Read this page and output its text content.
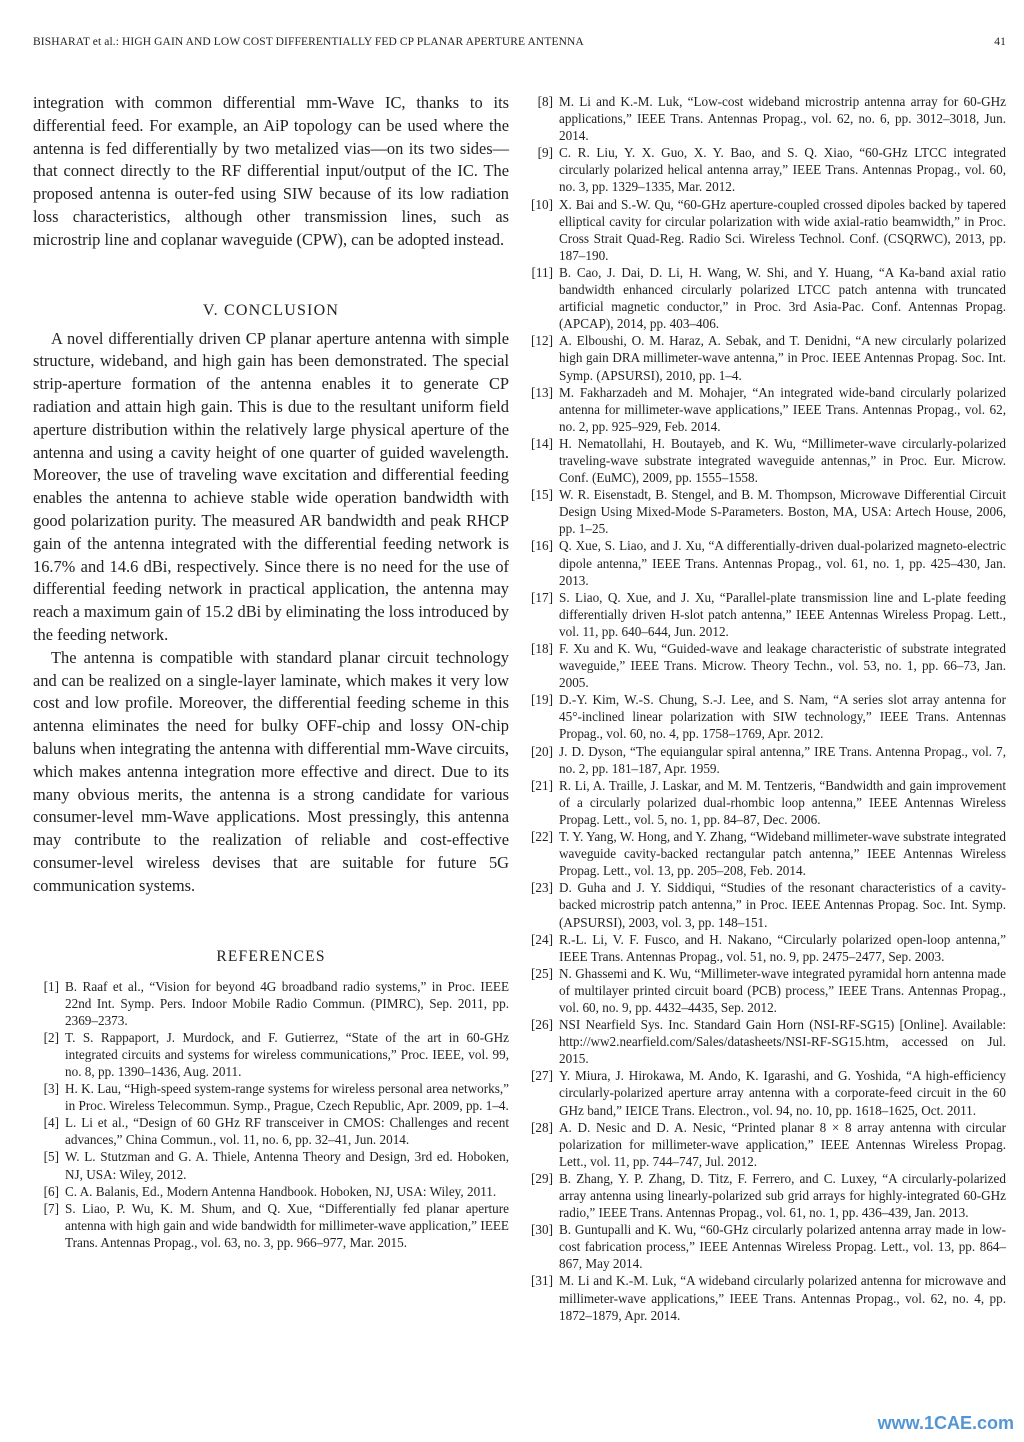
BISHARAT et al.: HIGH GAIN AND LOW COST DIFFERENTIALLY FED CP PLANAR APERTURE ANTENNA	41

integration with common differential mm-Wave IC, thanks to its differential feed. For example, an AiP topology can be used where the antenna is fed differentially by two metalized vias—on its two sides—that connect directly to the RF differential input/output of the IC. The proposed antenna is outer-fed using SIW because of its low radiation loss characteristics, although other transmission lines, such as microstrip line and coplanar waveguide (CPW), can be adopted instead.

V. CONCLUSION

A novel differentially driven CP planar aperture antenna with simple structure, wideband, and high gain has been demonstrated. The special strip-aperture formation of the antenna enables it to generate CP radiation and attain high gain. This is due to the resultant uniform field aperture distribution within the relatively large physical aperture of the antenna and using a cavity height of one quarter of guided wavelength. Moreover, the use of traveling wave excitation and differential feeding enables the antenna to achieve stable wide operation bandwidth with good polarization purity. The measured AR bandwidth and peak RHCP gain of the antenna integrated with the differential feeding network is 16.7% and 14.6 dBi, respectively. Since there is no need for the use of differential feeding network in practical application, the antenna may reach a maximum gain of 15.2 dBi by eliminating the loss introduced by the feeding network.

The antenna is compatible with standard planar circuit technology and can be realized on a single-layer laminate, which makes it very low cost and low profile. Moreover, the differential feeding scheme in this antenna eliminates the need for bulky OFF-chip and lossy ON-chip baluns when integrating the antenna with differential mm-Wave circuits, which makes antenna integration more effective and direct. Due to its many obvious merits, the antenna is a strong candidate for various consumer-level mm-Wave applications. Most pressingly, this antenna may contribute to the realization of reliable and cost-effective consumer-level wireless devises that are suitable for future 5G communication systems.

REFERENCES
[1] B. Raaf et al., “Vision for beyond 4G broadband radio systems,” in Proc. IEEE 22nd Int. Symp. Pers. Indoor Mobile Radio Commun. (PIMRC), Sep. 2011, pp. 2369–2373.
[2] T. S. Rappaport, J. Murdock, and F. Gutierrez, “State of the art in 60-GHz integrated circuits and systems for wireless communications,” Proc. IEEE, vol. 99, no. 8, pp. 1390–1436, Aug. 2011.
[3] H. K. Lau, “High-speed system-range systems for wireless personal area networks,” in Proc. Wireless Telecommun. Symp., Prague, Czech Republic, Apr. 2009, pp. 1–4.
[4] L. Li et al., “Design of 60 GHz RF transceiver in CMOS: Challenges and recent advances,” China Commun., vol. 11, no. 6, pp. 32–41, Jun. 2014.
[5] W. L. Stutzman and G. A. Thiele, Antenna Theory and Design, 3rd ed. Hoboken, NJ, USA: Wiley, 2012.
[6] C. A. Balanis, Ed., Modern Antenna Handbook. Hoboken, NJ, USA: Wiley, 2011.
[7] S. Liao, P. Wu, K. M. Shum, and Q. Xue, “Differentially fed planar aperture antenna with high gain and wide bandwidth for millimeter-wave application,” IEEE Trans. Antennas Propag., vol. 63, no. 3, pp. 966–977, Mar. 2015.
[8] M. Li and K.-M. Luk, “Low-cost wideband microstrip antenna array for 60-GHz applications,” IEEE Trans. Antennas Propag., vol. 62, no. 6, pp. 3012–3018, Jun. 2014.
[9] C. R. Liu, Y. X. Guo, X. Y. Bao, and S. Q. Xiao, “60-GHz LTCC integrated circularly polarized helical antenna array,” IEEE Trans. Antennas Propag., vol. 60, no. 3, pp. 1329–1335, Mar. 2012.
[10] X. Bai and S.-W. Qu, “60-GHz aperture-coupled crossed dipoles backed by tapered elliptical cavity for circular polarization with wide axial-ratio beamwidth,” in Proc. Cross Strait Quad-Reg. Radio Sci. Wireless Technol. Conf. (CSQRWC), 2013, pp. 187–190.
[11] B. Cao, J. Dai, D. Li, H. Wang, W. Shi, and Y. Huang, “A Ka-band axial ratio bandwidth enhanced circularly polarized LTCC patch antenna with truncated artificial magnetic conductor,” in Proc. 3rd Asia-Pac. Conf. Antennas Propag. (APCAP), 2014, pp. 403–406.
[12] A. Elboushi, O. M. Haraz, A. Sebak, and T. Denidni, “A new circularly polarized high gain DRA millimeter-wave antenna,” in Proc. IEEE Antennas Propag. Soc. Int. Symp. (APSURSI), 2010, pp. 1–4.
[13] M. Fakharzadeh and M. Mohajer, “An integrated wide-band circularly polarized antenna for millimeter-wave applications,” IEEE Trans. Antennas Propag., vol. 62, no. 2, pp. 925–929, Feb. 2014.
[14] H. Nematollahi, H. Boutayeb, and K. Wu, “Millimeter-wave circularly-polarized traveling-wave substrate integrated waveguide antennas,” in Proc. Eur. Microw. Conf. (EuMC), 2009, pp. 1555–1558.
[15] W. R. Eisenstadt, B. Stengel, and B. M. Thompson, Microwave Differential Circuit Design Using Mixed-Mode S-Parameters. Boston, MA, USA: Artech House, 2006, pp. 1–25.
[16] Q. Xue, S. Liao, and J. Xu, “A differentially-driven dual-polarized magneto-electric dipole antenna,” IEEE Trans. Antennas Propag., vol. 61, no. 1, pp. 425–430, Jan. 2013.
[17] S. Liao, Q. Xue, and J. Xu, “Parallel-plate transmission line and L-plate feeding differentially driven H-slot patch antenna,” IEEE Antennas Wireless Propag. Lett., vol. 11, pp. 640–644, Jun. 2012.
[18] F. Xu and K. Wu, “Guided-wave and leakage characteristic of substrate integrated waveguide,” IEEE Trans. Microw. Theory Techn., vol. 53, no. 1, pp. 66–73, Jan. 2005.
[19] D.-Y. Kim, W.-S. Chung, S.-J. Lee, and S. Nam, “A series slot array antenna for 45°-inclined linear polarization with SIW technology,” IEEE Trans. Antennas Propag., vol. 60, no. 4, pp. 1758–1769, Apr. 2012.
[20] J. D. Dyson, “The equiangular spiral antenna,” IRE Trans. Antenna Propag., vol. 7, no. 2, pp. 181–187, Apr. 1959.
[21] R. Li, A. Traille, J. Laskar, and M. M. Tentzeris, “Bandwidth and gain improvement of a circularly polarized dual-rhombic loop antenna,” IEEE Antennas Wireless Propag. Lett., vol. 5, no. 1, pp. 84–87, Dec. 2006.
[22] T. Y. Yang, W. Hong, and Y. Zhang, “Wideband millimeter-wave substrate integrated waveguide cavity-backed rectangular patch antenna,” IEEE Antennas Wireless Propag. Lett., vol. 13, pp. 205–208, Feb. 2014.
[23] D. Guha and J. Y. Siddiqui, “Studies of the resonant characteristics of a cavity-backed microstrip patch antenna,” in Proc. IEEE Antennas Propag. Soc. Int. Symp. (APSURSI), 2003, vol. 3, pp. 148–151.
[24] R.-L. Li, V. F. Fusco, and H. Nakano, “Circularly polarized open-loop antenna,” IEEE Trans. Antennas Propag., vol. 51, no. 9, pp. 2475–2477, Sep. 2003.
[25] N. Ghassemi and K. Wu, “Millimeter-wave integrated pyramidal horn antenna made of multilayer printed circuit board (PCB) process,” IEEE Trans. Antennas Propag., vol. 60, no. 9, pp. 4432–4435, Sep. 2012.
[26] NSI Nearfield Sys. Inc. Standard Gain Horn (NSI-RF-SG15) [Online]. Available: http://ww2.nearfield.com/Sales/datasheets/NSI-RF-SG15.htm, accessed on Jul. 2015.
[27] Y. Miura, J. Hirokawa, M. Ando, K. Igarashi, and G. Yoshida, “A high-efficiency circularly-polarized aperture array antenna with a corporate-feed circuit in the 60 GHz band,” IEICE Trans. Electron., vol. 94, no. 10, pp. 1618–1625, Oct. 2011.
[28] A. D. Nesic and D. A. Nesic, “Printed planar 8 × 8 array antenna with circular polarization for millimeter-wave application,” IEEE Antennas Wireless Propag. Lett., vol. 11, pp. 744–747, Jul. 2012.
[29] B. Zhang, Y. P. Zhang, D. Titz, F. Ferrero, and C. Luxey, “A circularly-polarized array antenna using linearly-polarized sub grid arrays for highly-integrated 60-GHz radio,” IEEE Trans. Antennas Propag., vol. 61, no. 1, pp. 436–439, Jan. 2013.
[30] B. Guntupalli and K. Wu, “60-GHz circularly polarized antenna array made in low-cost fabrication process,” IEEE Antennas Wireless Propag. Lett., vol. 13, pp. 864–867, May 2014.
[31] M. Li and K.-M. Luk, “A wideband circularly polarized antenna for microwave and millimeter-wave applications,” IEEE Trans. Antennas Propag., vol. 62, no. 4, pp. 1872–1879, Apr. 2014.
www.1CAE.com
